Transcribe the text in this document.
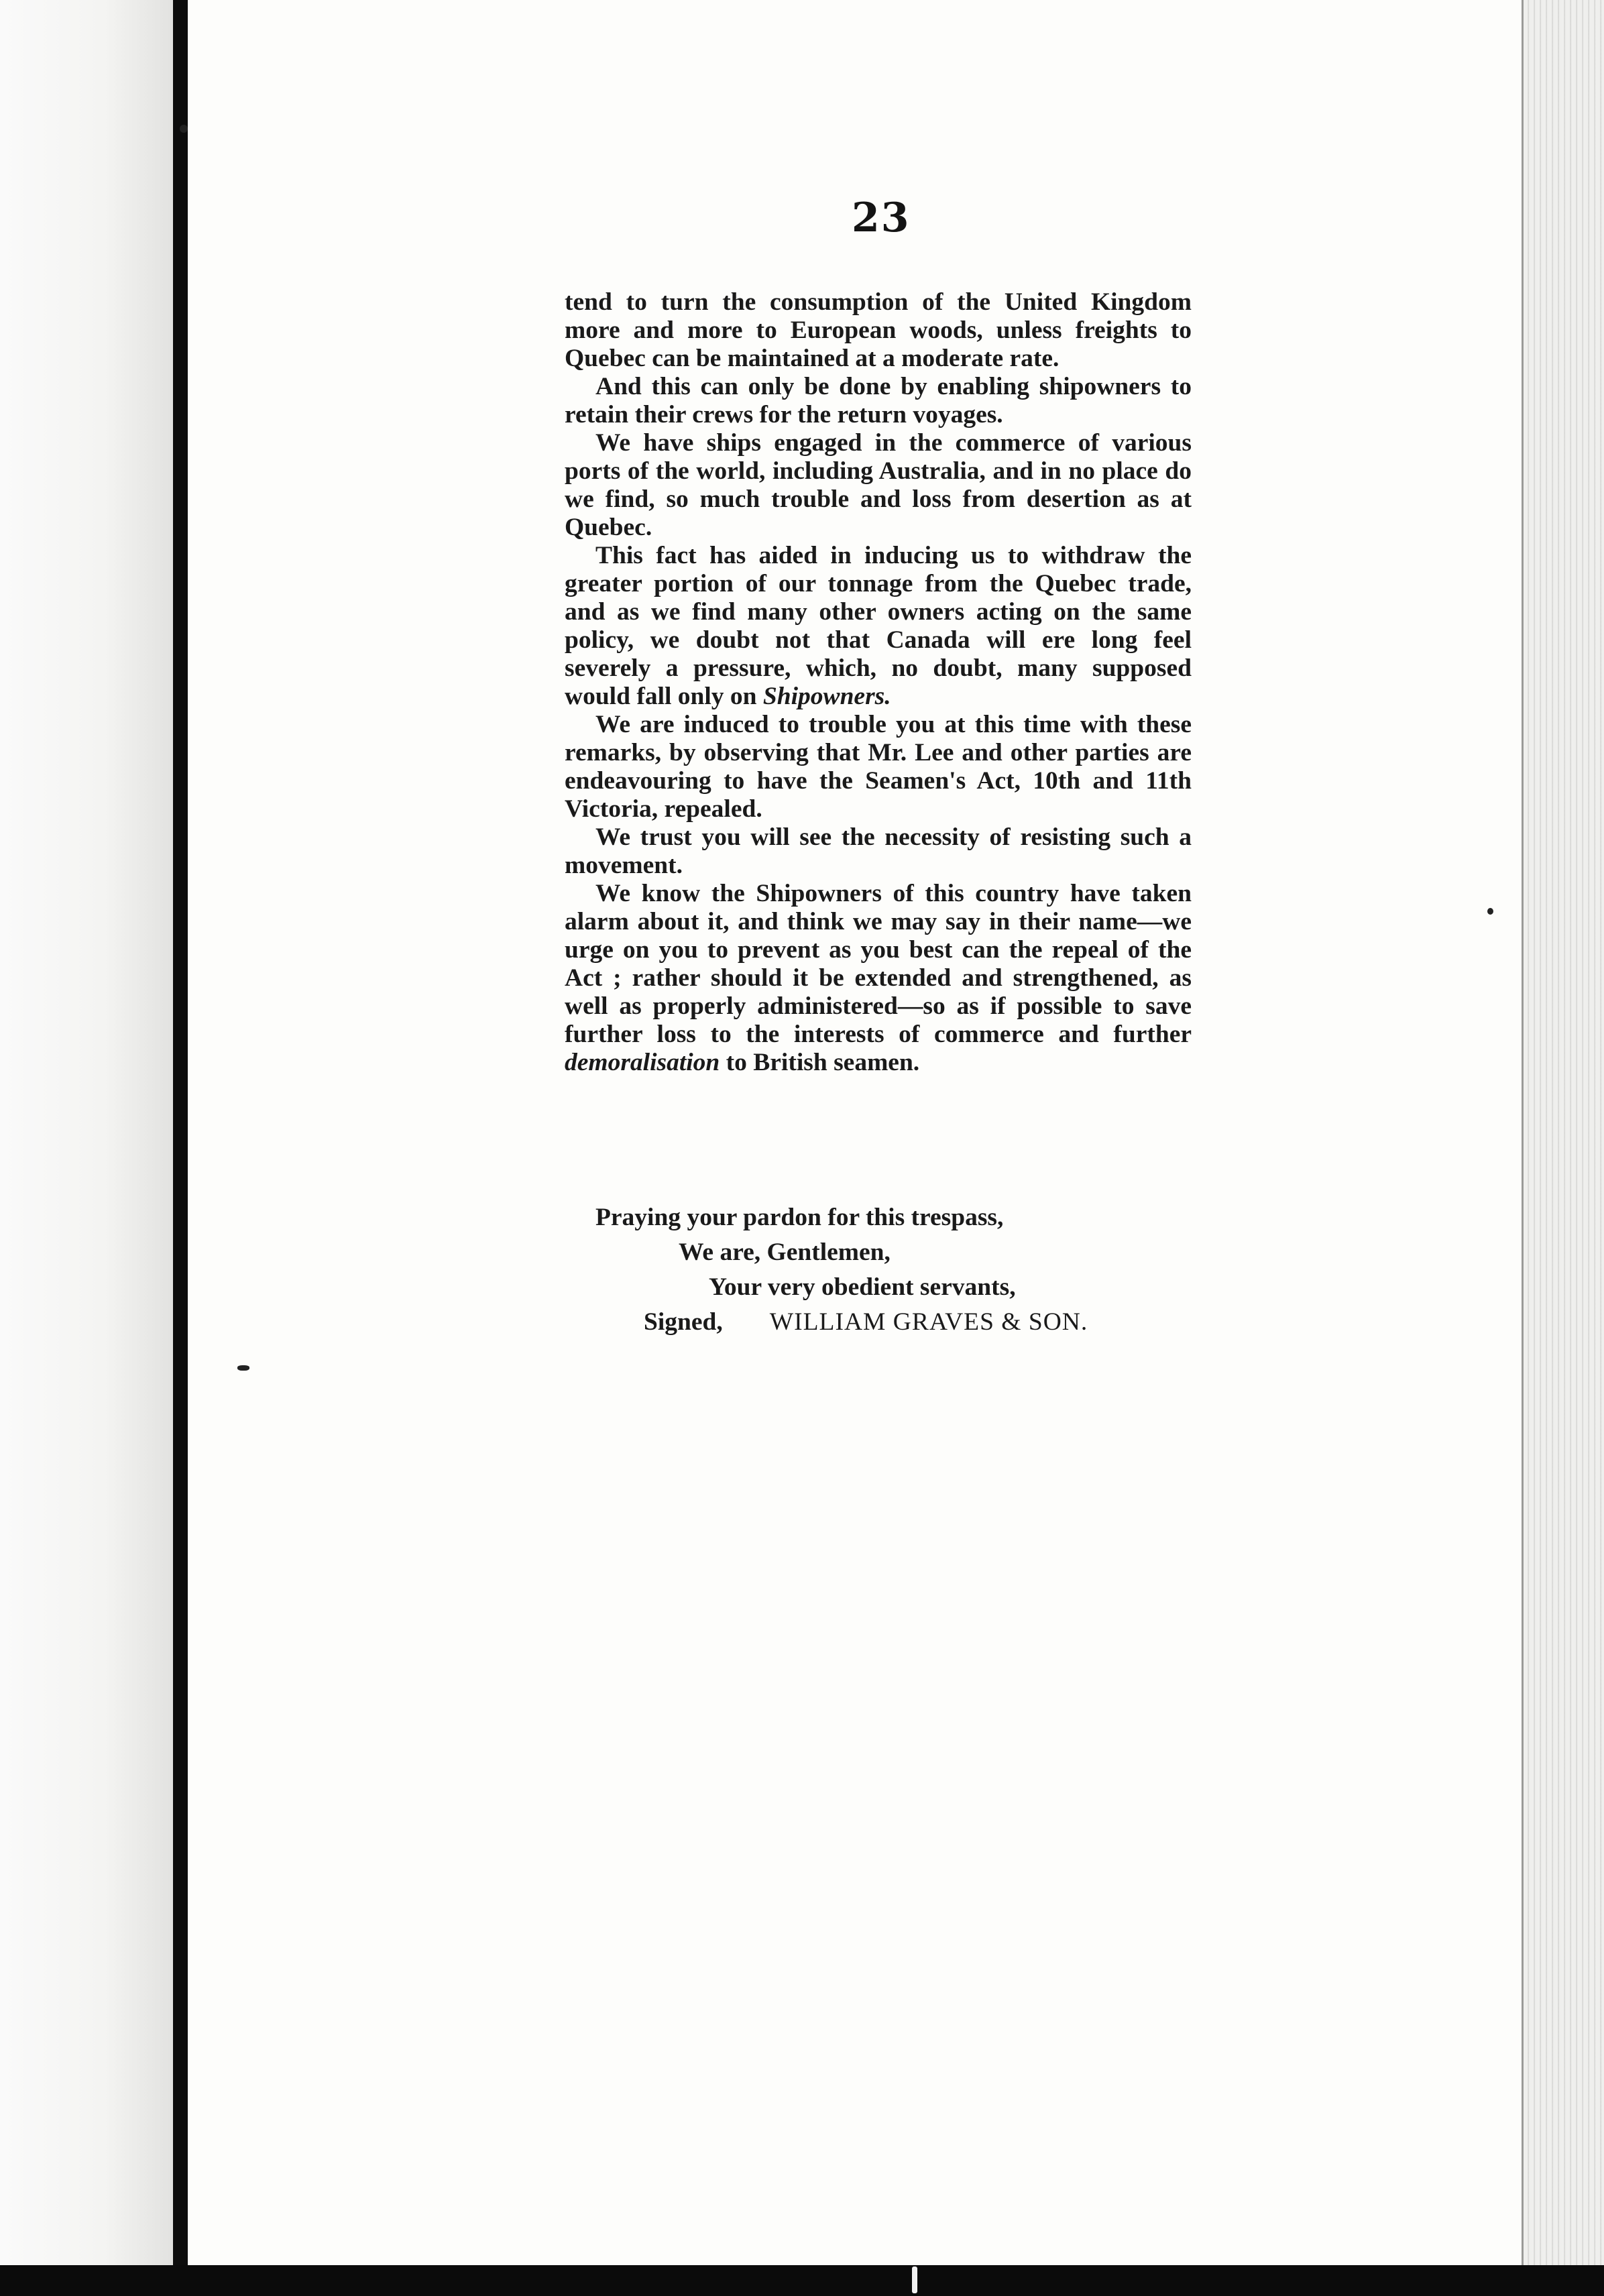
23

tend to turn the consumption of the United Kingdom more and more to European woods, unless freights to Quebec can be maintained at a moderate rate.

And this can only be done by enabling shipowners to retain their crews for the return voyages.

We have ships engaged in the commerce of various ports of the world, including Australia, and in no place do we find, so much trouble and loss from desertion as at Quebec.

This fact has aided in inducing us to withdraw the greater portion of our tonnage from the Quebec trade, and as we find many other owners acting on the same policy, we doubt not that Canada will ere long feel severely a pressure, which, no doubt, many supposed would fall only on Shipowners.

We are induced to trouble you at this time with these remarks, by observing that Mr. Lee and other parties are endeavouring to have the Seamen's Act, 10th and 11th Victoria, repealed.

We trust you will see the necessity of resisting such a movement.

We know the Shipowners of this country have taken alarm about it, and think we may say in their name—we urge on you to prevent as you best can the repeal of the Act ; rather should it be extended and strengthened, as well as properly administered—so as if possible to save further loss to the interests of commerce and further demoralisation to British seamen.

Praying your pardon for this trespass,
We are, Gentlemen,
Your very obedient servants,
Signed, WILLIAM GRAVES & SON.
